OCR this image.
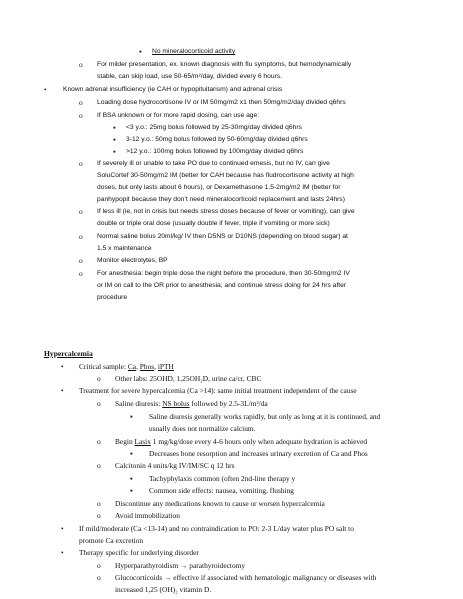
▪ No mineralocorticoid activity
o For milder presentation, ex. known diagnosis with flu symptoms, but hemodynamically
stable, can skip load, use 50-65/m²/day, divided every 6 hours.
• Known adrenal insufficiency (ie CAH or hypopituitarism) and adrenal crisis
o Loading dose hydrocortisone IV or IM 50mg/m2 x1 then 50mg/m2/day divided q6hrs
o If BSA unknown or for more rapid dosing, can use age:
▪ <3 y.o.: 25mg bolus followed by 25-30mg/day divided q6hrs
▪ 3-12 y.o.: 50mg bolus followed by 50-60mg/day divided q6hrs
▪ >12 y.o.: 100mg bolus followed by 100mg/day divided q6hrs
o If severely ill or unable to take PO due to continued emesis, but no IV, can give
SoluCortef 30-50mg/m2 IM (better for CAH because has fludrocortisone activity at high
doses, but only lasts about 6 hours), or Dexamethasone 1.5-2mg/m2 IM (better for
panhypopit because they don’t need mineralocorticoid replacement and lasts 24hrs)
o If less ill (ie, not in crisis but needs stress doses because of fever or vomiting), can give
double or triple oral dose (usually double if fever, triple if vomiting or more sick)
o Normal saline bolus 20ml/kg/ IV then D5NS or D10NS (depending on blood sugar) at
1.5 x maintenance
o Monitor electrolytes, BP
o For anesthesia: begin triple dose the night before the procedure, then 30-50mg/m2 IV
or IM on call to the OR prior to anesthesia; and continue stress doing for 24 hrs after
procedure
Hypercalcemia
• Critical sample: Ca, Phos, iPTH
o Other labs: 25OHD, 1,25OH₂D, urine ca/cr, CBC
• Treatment for severe hypercalcemia (Ca >14): same initial treatment independent of the cause
o Saline diuresis: NS bolus followed by 2.5-3L/m²/da
▪ Saline diuresis generally works rapidly, but only as long at it is continued, and
usually does not normalize calcium.
o Begin Lasix 1 mg/kg/dose every 4-6 hours only when adequate hydration is achieved
▪ Decreases bone resorption and increases urinary excretion of Ca and Phos
o Calcitonin 4 units/kg IV/IM/SC q 12 hrs
▪ Tachyphylaxis common (often 2nd-line therapy y
▪ Common side effects: nausea, vomiting, flushing
o Discontinue any medications known to cause or worsen hypercalcemia
o Avoid immobilization
• If mild/moderate (Ca <13-14) and no contraindication to PO: 2-3 L/day water plus PO salt to
promote Ca excretion
• Therapy specific for underlying disorder
o Hyperparathyroidism → parathyroidectomy
o Glucocorticoids → effective if associated with hematologic malignancy or diseases with
increased 1,25 (OH)₂ vitamin D.
